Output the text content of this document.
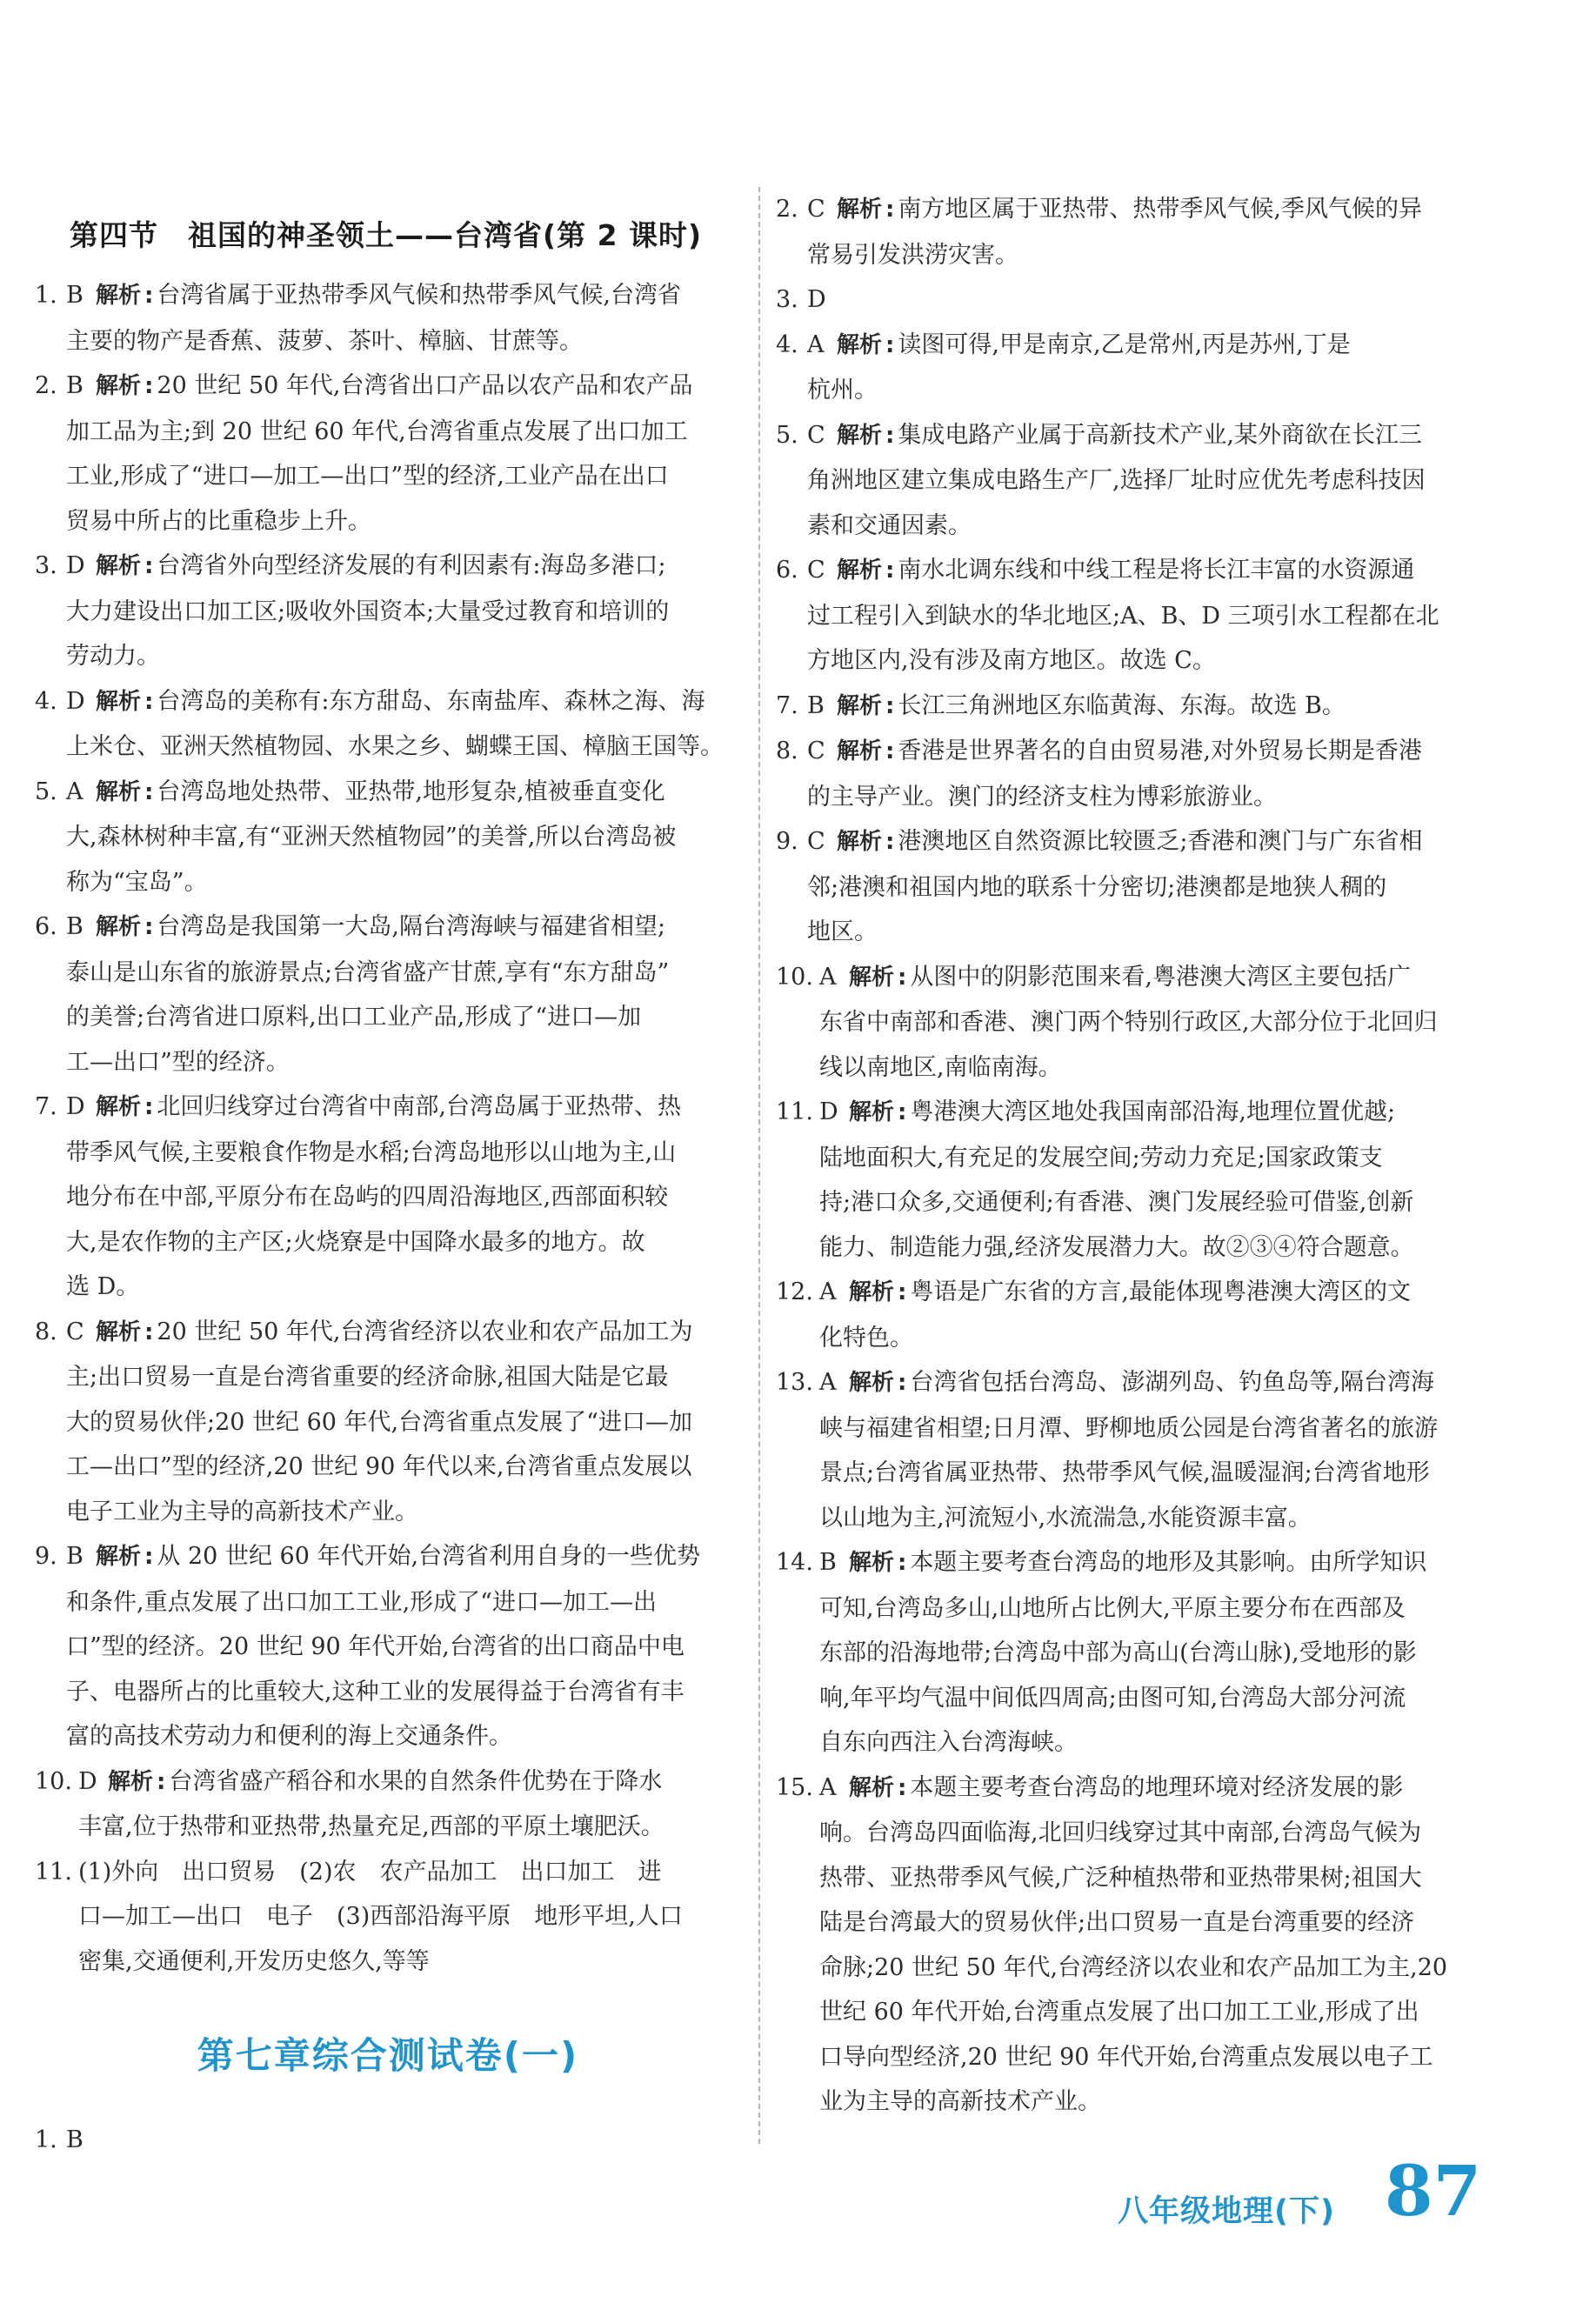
第四节　祖国的神圣领土——台湾省(第 2 课时)
1. B 解析 : 台湾省属于亚热带季风气候和热带季风气候,台湾省
主要的物产是香蕉、菠萝、茶叶、樟脑、甘蔗等。
2. B 解析 : 20 世纪 50 年代,台湾省出口产品以农产品和农产品
加工品为主;到 20 世纪 60 年代,台湾省重点发展了出口加工
工业,形成了“进口—加工—出口”型的经济,工业产品在出口
贸易中所占的比重稳步上升。
3. D 解析 : 台湾省外向型经济发展的有利因素有:海岛多港口;
大力建设出口加工区;吸收外国资本;大量受过教育和培训的
劳动力。
4. D 解析 : 台湾岛的美称有:东方甜岛、东南盐库、森林之海、海
上米仓、亚洲天然植物园、水果之乡、蝴蝶王国、樟脑王国等。
5. A 解析 : 台湾岛地处热带、亚热带,地形复杂,植被垂直变化
大,森林树种丰富,有“亚洲天然植物园”的美誉,所以台湾岛被
称为“宝岛”。
6. B 解析 : 台湾岛是我国第一大岛,隔台湾海峡与福建省相望;
泰山是山东省的旅游景点;台湾省盛产甘蔗,享有“东方甜岛”
的美誉;台湾省进口原料,出口工业产品,形成了“进口—加
工—出口”型的经济。
7. D 解析 : 北回归线穿过台湾省中南部,台湾岛属于亚热带、热
带季风气候,主要粮食作物是水稻;台湾岛地形以山地为主,山
地分布在中部,平原分布在岛屿的四周沿海地区,西部面积较
大,是农作物的主产区;火烧寮是中国降水最多的地方。故
选 D。
8. C 解析 : 20 世纪 50 年代,台湾省经济以农业和农产品加工为
主;出口贸易一直是台湾省重要的经济命脉,祖国大陆是它最
大的贸易伙伴;20 世纪 60 年代,台湾省重点发展了“进口—加
工—出口”型的经济,20 世纪 90 年代以来,台湾省重点发展以
电子工业为主导的高新技术产业。
9. B 解析 : 从 20 世纪 60 年代开始,台湾省利用自身的一些优势
和条件,重点发展了出口加工工业,形成了“进口—加工—出
口”型的经济。20 世纪 90 年代开始,台湾省的出口商品中电
子、电器所占的比重较大,这种工业的发展得益于台湾省有丰
富的高技术劳动力和便利的海上交通条件。
10. D 解析 : 台湾省盛产稻谷和水果的自然条件优势在于降水
丰富,位于热带和亚热带,热量充足,西部的平原土壤肥沃。
11. (1)外向　出口贸易　(2)农　农产品加工　出口加工　进
口—加工—出口　电子　(3)西部沿海平原　地形平坦,人口
密集,交通便利,开发历史悠久,等等
第七章综合测试卷(一)
1. B
2. C 解析 : 南方地区属于亚热带、热带季风气候,季风气候的异
常易引发洪涝灾害。
3. D
4. A 解析 : 读图可得,甲是南京,乙是常州,丙是苏州,丁是
杭州。
5. C 解析 : 集成电路产业属于高新技术产业,某外商欲在长江三
角洲地区建立集成电路生产厂,选择厂址时应优先考虑科技因
素和交通因素。
6. C 解析 : 南水北调东线和中线工程是将长江丰富的水资源通
过工程引入到缺水的华北地区;A、B、D 三项引水工程都在北
方地区内,没有涉及南方地区。故选 C。
7. B 解析 : 长江三角洲地区东临黄海、东海。故选 B。
8. C 解析 : 香港是世界著名的自由贸易港,对外贸易长期是香港
的主导产业。澳门的经济支柱为博彩旅游业。
9. C 解析 : 港澳地区自然资源比较匮乏;香港和澳门与广东省相
邻;港澳和祖国内地的联系十分密切;港澳都是地狭人稠的
地区。
10. A 解析 : 从图中的阴影范围来看,粤港澳大湾区主要包括广
东省中南部和香港、澳门两个特别行政区,大部分位于北回归
线以南地区,南临南海。
11. D 解析 : 粤港澳大湾区地处我国南部沿海,地理位置优越;
陆地面积大,有充足的发展空间;劳动力充足;国家政策支
持;港口众多,交通便利;有香港、澳门发展经验可借鉴,创新
能力、制造能力强,经济发展潜力大。故②③④符合题意。
12. A 解析 : 粤语是广东省的方言,最能体现粤港澳大湾区的文
化特色。
13. A 解析 : 台湾省包括台湾岛、澎湖列岛、钓鱼岛等,隔台湾海
峡与福建省相望;日月潭、野柳地质公园是台湾省著名的旅游
景点;台湾省属亚热带、热带季风气候,温暖湿润;台湾省地形
以山地为主,河流短小,水流湍急,水能资源丰富。
14. B 解析 : 本题主要考查台湾岛的地形及其影响。由所学知识
可知,台湾岛多山,山地所占比例大,平原主要分布在西部及
东部的沿海地带;台湾岛中部为高山(台湾山脉),受地形的影
响,年平均气温中间低四周高;由图可知,台湾岛大部分河流
自东向西注入台湾海峡。
15. A 解析 : 本题主要考查台湾岛的地理环境对经济发展的影
响。台湾岛四面临海,北回归线穿过其中南部,台湾岛气候为
热带、亚热带季风气候,广泛种植热带和亚热带果树;祖国大
陆是台湾最大的贸易伙伴;出口贸易一直是台湾重要的经济
命脉;20 世纪 50 年代,台湾经济以农业和农产品加工为主,20
世纪 60 年代开始,台湾重点发展了出口加工工业,形成了出
口导向型经济,20 世纪 90 年代开始,台湾重点发展以电子工
业为主导的高新技术产业。
八年级地理(下) 87
